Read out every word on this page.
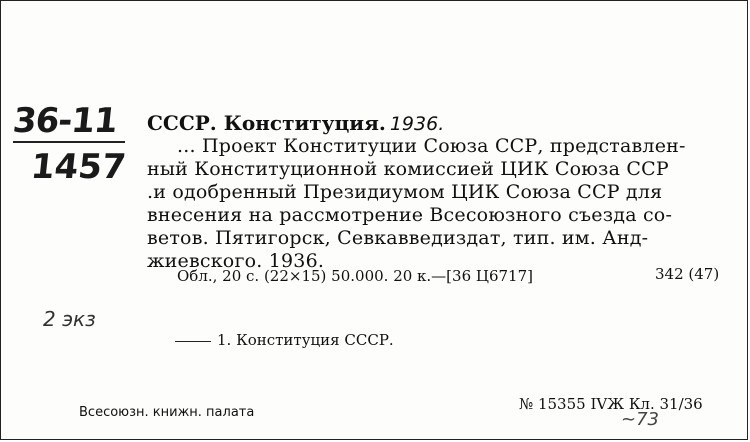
36-11
1457
СССР. Конституция. 1936.
... Проект Конституции Союза ССР, представлен-
ный Конституционной комиссией ЦИК Союза ССР
.и одобренный Президиумом ЦИК Союза ССР для
внесения на рассмотрение Всесоюзного съезда со-
ветов. Пятигорск, Севкавведиздат, тип. им. Анд-
жиевского. 1936.
Обл., 20 с. (22×15) 50.000. 20 к.—[36 Ц6717]	342 (47)
2 экз
1. Конституция СССР.
Всесоюзн. книжн. палата	№ 15355 IVЖ Кл. 31/36
~73
